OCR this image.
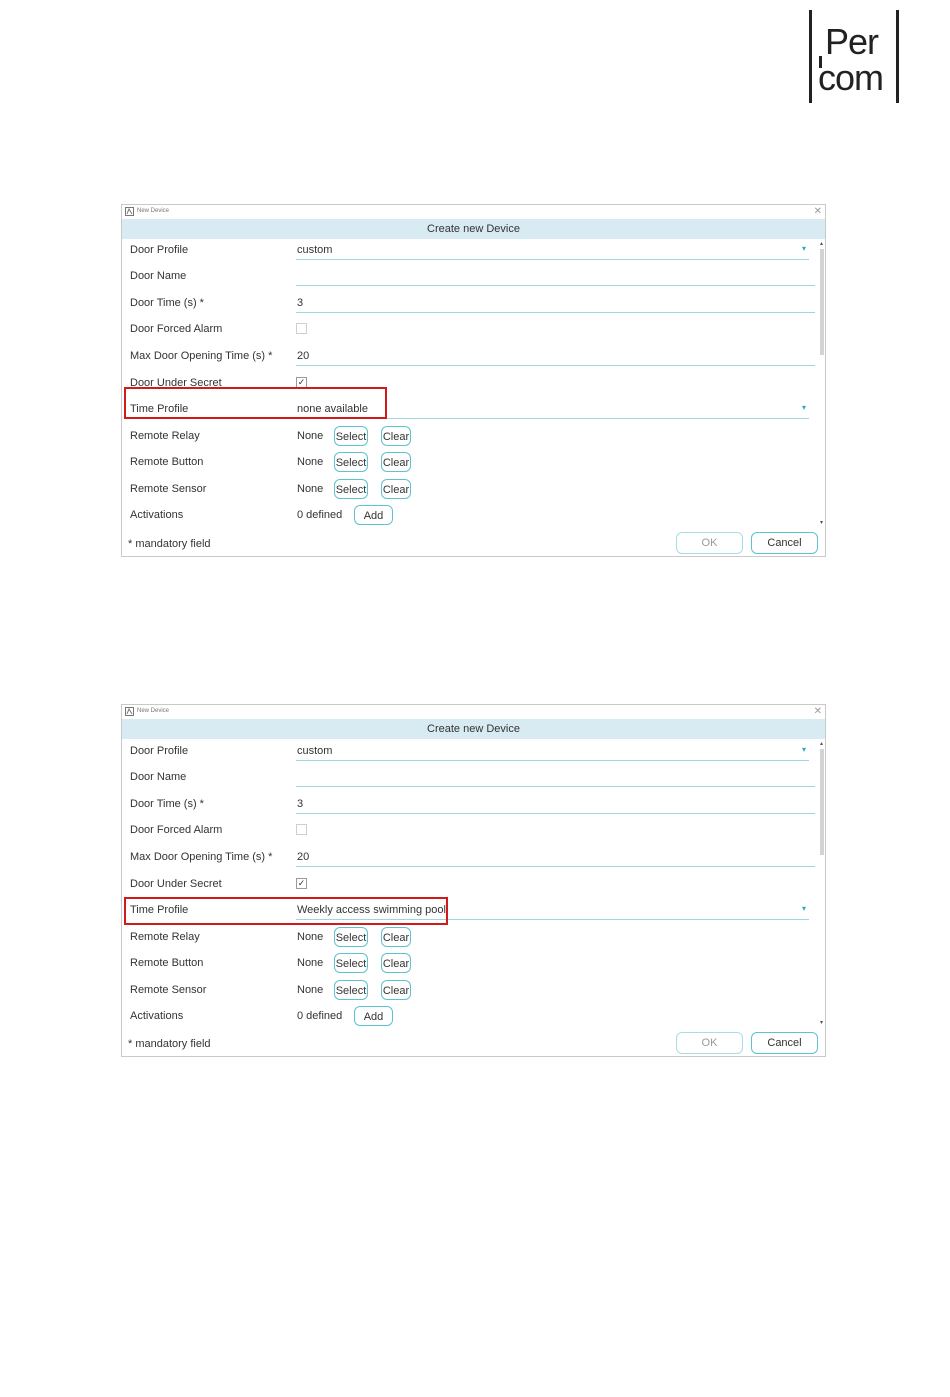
Per
com
New Device	✕
Create new Device
Door Profile	custom	▾
Door Name
Door Time (s) *	3
Door Forced Alarm
Max Door Opening Time (s) * 20
Door Under Secret	✓
Time Profile	none available	▾
Remote Relay	None Select Clear
Remote Button	None Select Clear
Remote Sensor	None Select Clear
Activations	0 defined	Add
▴
▾
* mandatory field	OK	Cancel
New Device	✕
Create new Device
Door Profile	custom	▾
Door Name
Door Time (s) *	3
Door Forced Alarm
Max Door Opening Time (s) * 20
Door Under Secret	✓
Time Profile	Weekly access swimming pool	▾
Remote Relay	None Select Clear
Remote Button	None Select Clear
Remote Sensor	None Select Clear
Activations	0 defined	Add
▴
▾
* mandatory field	OK	Cancel
